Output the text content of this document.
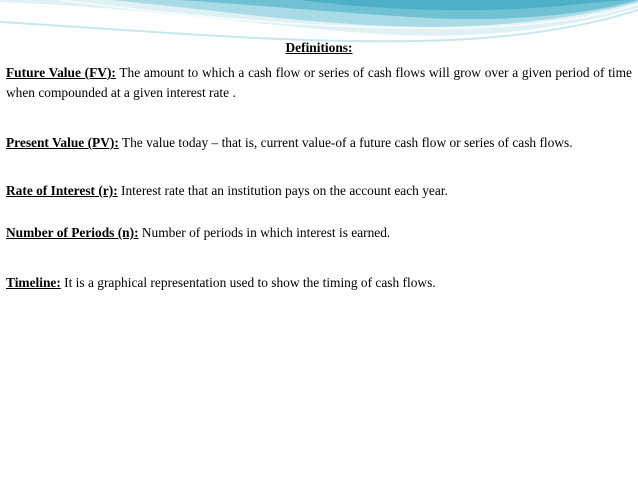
Definitions:

Future Value (FV): The amount to which a cash flow or series of cash flows will grow over a given period of time when compounded at a given interest rate .

Present Value (PV): The value today – that is, current value-of a future cash flow or series of cash flows.

Rate of Interest (r): Interest rate that an institution pays on the account each year.

Number of Periods (n): Number of periods in which interest is earned.

Timeline: It is a graphical representation used to show the timing of cash flows.
